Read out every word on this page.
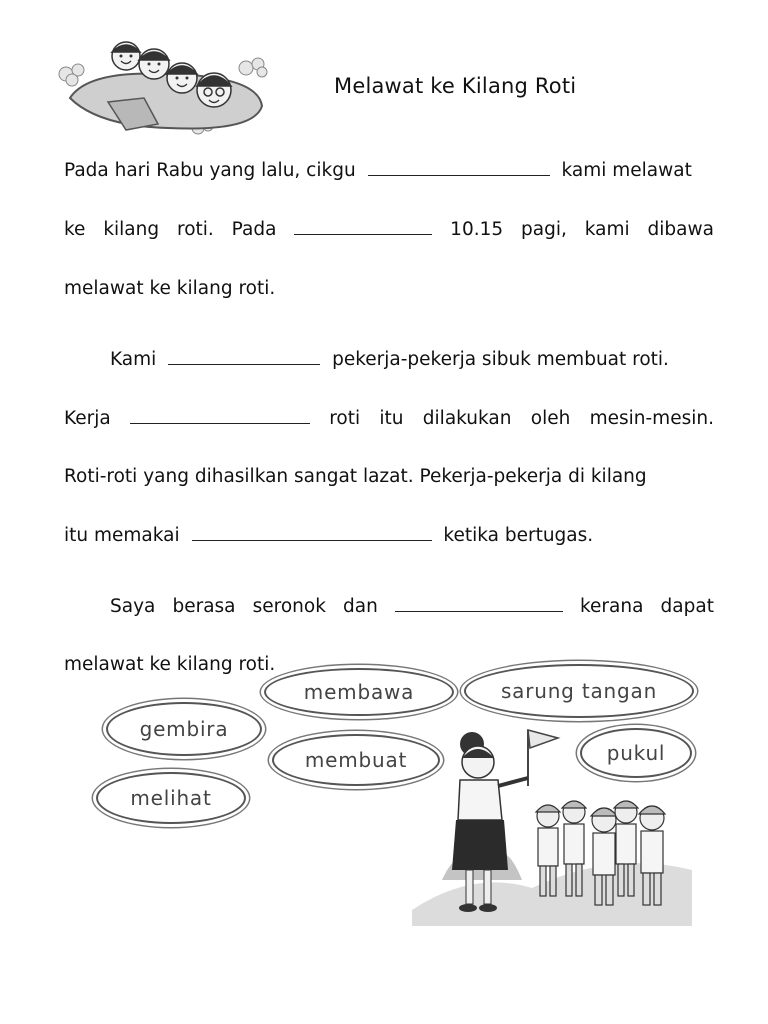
Melawat ke Kilang Roti
Pada hari Rabu yang lalu, cikgu	kami melawat
ke kilang roti. Pada	10.15 pagi, kami dibawa
melawat ke kilang roti.
Kami	pekerja-pekerja sibuk membuat roti.
Kerja	roti itu dilakukan oleh mesin-mesin.
Roti-roti yang dihasilkan sangat lazat. Pekerja-pekerja di kilang
itu memakai	ketika bertugas.
Saya berasa seronok dan	kerana dapat
melawat ke kilang roti.
membawa	sarung tangan
gembira
pukul
membuat
melihat
